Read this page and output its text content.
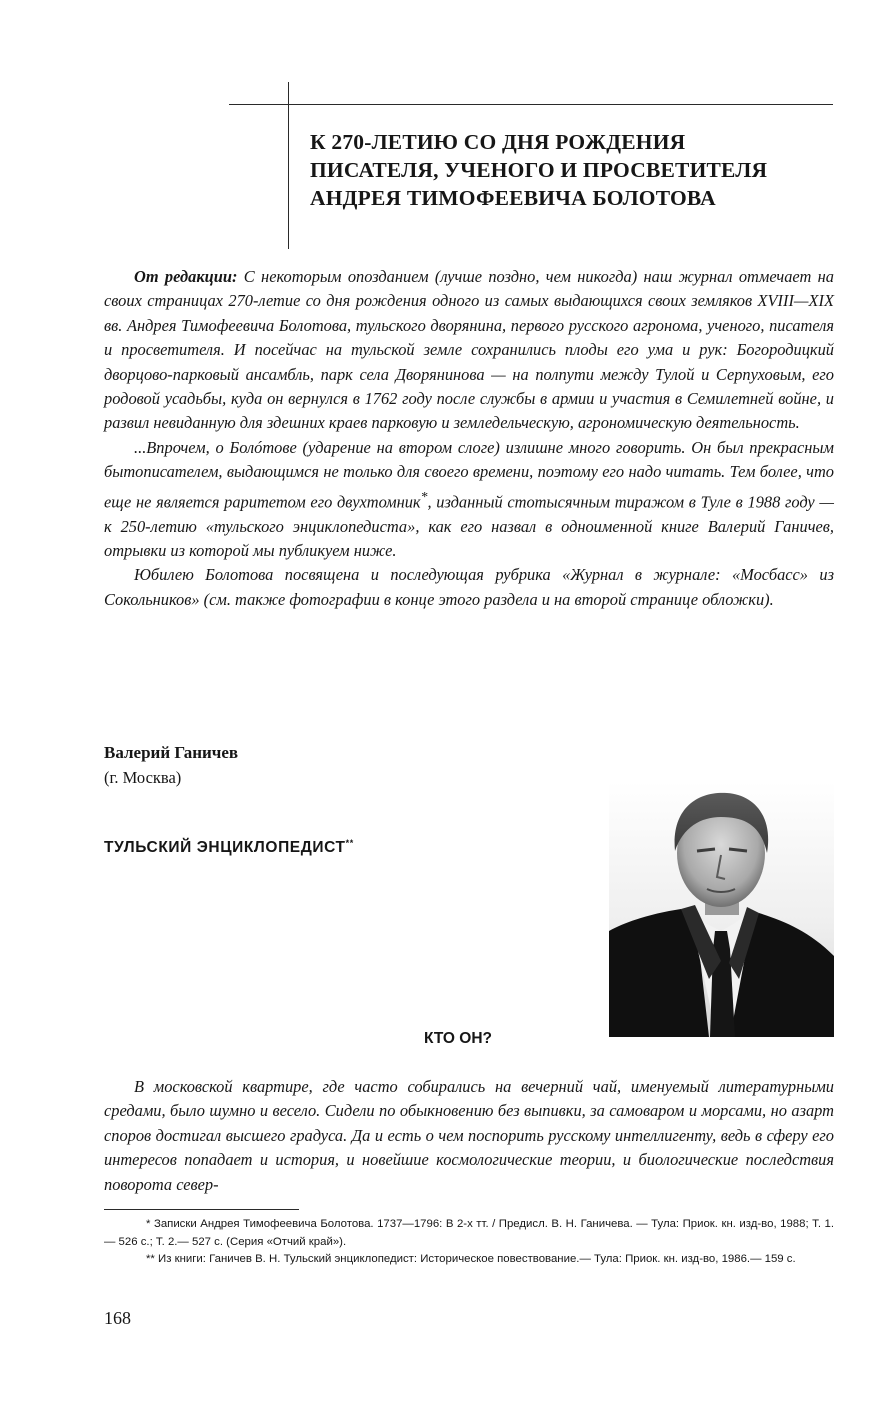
К 270-ЛЕТИЮ СО ДНЯ РОЖДЕНИЯ
ПИСАТЕЛЯ, УЧЕНОГО И ПРОСВЕТИТЕЛЯ
АНДРЕЯ ТИМОФЕЕВИЧА БОЛОТОВА

От редакции: С некоторым опозданием (лучше поздно, чем никогда) наш журнал отмечает на своих страницах 270-летие со дня рождения одного из самых выдающихся своих земляков XVIII—XIX вв. Андрея Тимофеевича Болотова, тульского дворянина, первого русского агронома, ученого, писателя и просветителя. И посейчас на тульской земле сохранились плоды его ума и рук: Богородицкий дворцово-парковый ансамбль, парк села Дворянинова — на полпути между Тулой и Серпуховым, его родовой усадьбы, куда он вернулся в 1762 году после службы в армии и участия в Семилетней войне, и развил невиданную для здешних краев парковую и земледельческую, агрономическую деятельность.

...Впрочем, о Болóтове (ударение на втором слоге) излишне много говорить. Он был прекрасным бытописателем, выдающимся не только для своего времени, поэтому его надо читать. Тем более, что еще не является раритетом его двухтомник*, изданный стотысячным тиражом в Туле в 1988 году — к 250-летию «тульского энциклопедиста», как его назвал в одноименной книге Валерий Ганичев, отрывки из которой мы публикуем ниже.

Юбилею Болотова посвящена и последующая рубрика «Журнал в журнале: «Мосбасс» из Сокольников» (см. также фотографии в конце этого раздела и на второй странице обложки).

Валерий Ганичев
(г. Москва)
ТУЛЬСКИЙ ЭНЦИКЛОПЕДИСТ**
КТО ОН?

В московской квартире, где часто собирались на вечерний чай, именуемый литературными средами, было шумно и весело. Сидели по обыкновению без выпивки, за самоваром и морсами, но азарт споров достигал высшего градуса. Да и есть о чем поспорить русскому интеллигенту, ведь в сферу его интересов попадает и история, и новейшие космологические теории, и биологические последствия поворота север-

* Записки Андрея Тимофеевича Болотова. 1737—1796: В 2-х тт. / Предисл. В. Н. Ганичева. — Тула: Приок. кн. изд-во, 1988; Т. 1.— 526 с.; Т. 2.— 527 с. (Серия «Отчий край»).

** Из книги: Ганичев В. Н. Тульский энциклопедист: Историческое повествование.— Тула: Приок. кн. изд-во, 1986.— 159 с.

168
